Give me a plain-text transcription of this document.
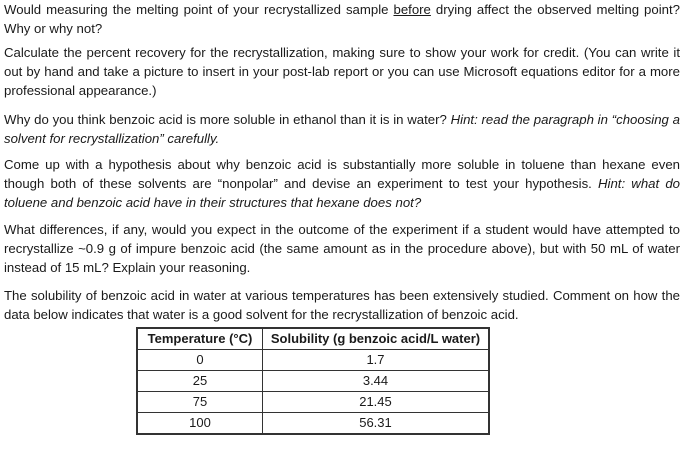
Would measuring the melting point of your recrystallized sample before drying affect the observed melting point? Why or why not?

Calculate the percent recovery for the recrystallization, making sure to show your work for credit. (You can write it out by hand and take a picture to insert in your post-lab report or you can use Microsoft equations editor for a more professional appearance.)

Why do you think benzoic acid is more soluble in ethanol than it is in water? Hint: read the paragraph in “choosing a solvent for recrystallization” carefully.

Come up with a hypothesis about why benzoic acid is substantially more soluble in toluene than hexane even though both of these solvents are “nonpolar” and devise an experiment to test your hypothesis. Hint: what do toluene and benzoic acid have in their structures that hexane does not?

What differences, if any, would you expect in the outcome of the experiment if a student would have attempted to recrystallize ~0.9 g of impure benzoic acid (the same amount as in the procedure above), but with 50 mL of water instead of 15 mL? Explain your reasoning.

The solubility of benzoic acid in water at various temperatures has been extensively studied. Comment on how the data below indicates that water is a good solvent for the recrystallization of benzoic acid.

Temperature (°C)	Solubility (g benzoic acid/L water)
0	1.7
25	3.44
75	21.45
100	56.31
